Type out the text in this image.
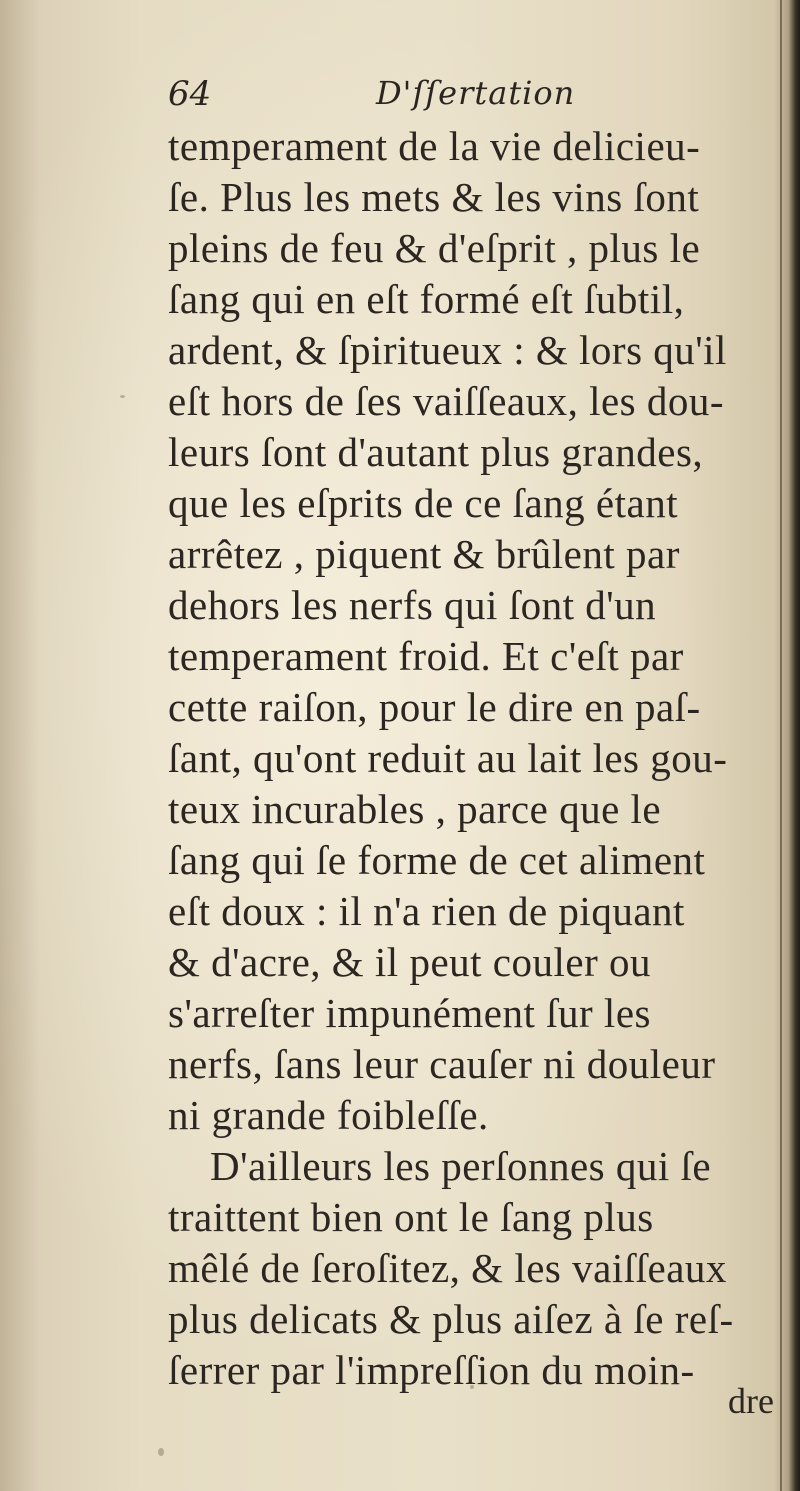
64	D'ſſertation
temperament de la vie delicieu-
ſe. Plus les mets & les vins ſont
pleins de feu & d'eſprit , plus le
ſang qui en eſt formé eſt ſubtil,
ardent, & ſpiritueux : & lors qu'il
eſt hors de ſes vaiſſeaux, les dou-
leurs ſont d'autant plus grandes,
que les eſprits de ce ſang étant
arrêtez , piquent & brûlent par
dehors les nerfs qui ſont d'un
temperament froid. Et c'eſt par
cette raiſon, pour le dire en paſ-
ſant, qu'ont reduit au lait les gou-
teux incurables , parce que le
ſang qui ſe forme de cet aliment
eſt doux : il n'a rien de piquant
& d'acre, & il peut couler ou
s'arreſter impunément ſur les
nerfs, ſans leur cauſer ni douleur
ni grande foibleſſe.
D'ailleurs les perſonnes qui ſe
traittent bien ont le ſang plus
mêlé de ſeroſitez, & les vaiſſeaux
plus delicats & plus aiſez à ſe reſ-
ſerrer par l'impreſſion du moin-
dre
